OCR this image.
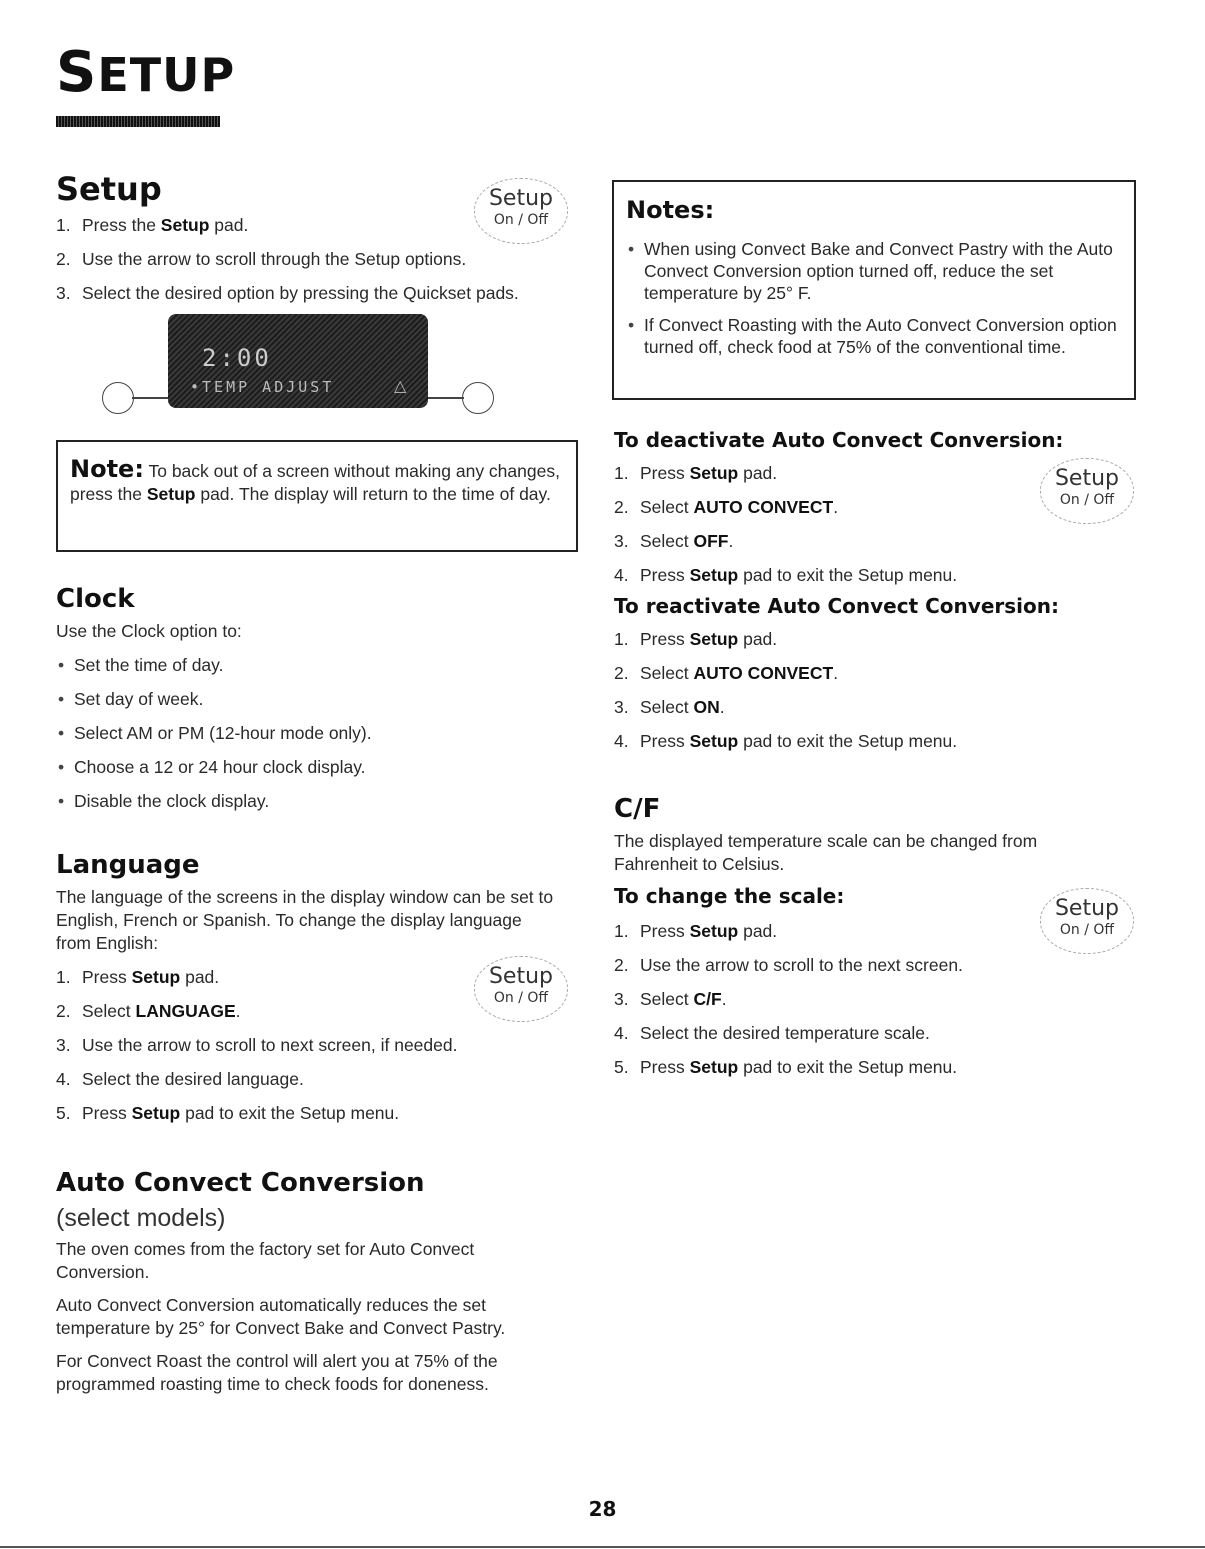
SETUP
Setup	Setup
On / Off
1. Press the Setup pad.
2. Use the arrow to scroll through the Setup options.
3. Select the desired option by pressing the Quickset pads.
2:00
•TEMP ADJUST	△
Note: To back out of a screen without making any changes, press the Setup pad. The display will return to the time of day.
Clock
Use the Clock option to:
• Set the time of day.
• Set day of week.
• Select AM or PM (12-hour mode only).
• Choose a 12 or 24 hour clock display.
• Disable the clock display.
Language
The language of the screens in the display window can be set to English, French or Spanish. To change the display language from English:
Setup
On / Off
1. Press Setup pad.
2. Select LANGUAGE.
3. Use the arrow to scroll to next screen, if needed.
4. Select the desired language.
5. Press Setup pad to exit the Setup menu.
Auto Convect Conversion
(select models)

The oven comes from the factory set for Auto Convect Conversion.

Auto Convect Conversion automatically reduces the set temperature by 25° for Convect Bake and Convect Pastry.

For Convect Roast the control will alert you at 75% of the programmed roasting time to check foods for doneness.

Notes:
• When using Convect Bake and Convect Pastry with the Auto Convect Conversion option turned off, reduce the set temperature by 25° F.
• If Convect Roasting with the Auto Convect Conversion option turned off, check food at 75% of the conventional time.
To deactivate Auto Convect Conversion:
Setup
On / Off
1. Press Setup pad.
2. Select AUTO CONVECT.
3. Select OFF.
4. Press Setup pad to exit the Setup menu.
To reactivate Auto Convect Conversion:
1. Press Setup pad.
2. Select AUTO CONVECT.
3. Select ON.
4. Press Setup pad to exit the Setup menu.
C/F
The displayed temperature scale can be changed from Fahrenheit to Celsius.
To change the scale:	Setup
On / Off
1. Press Setup pad.
2. Use the arrow to scroll to the next screen.
3. Select C/F.
4. Select the desired temperature scale.
5. Press Setup pad to exit the Setup menu.
28
